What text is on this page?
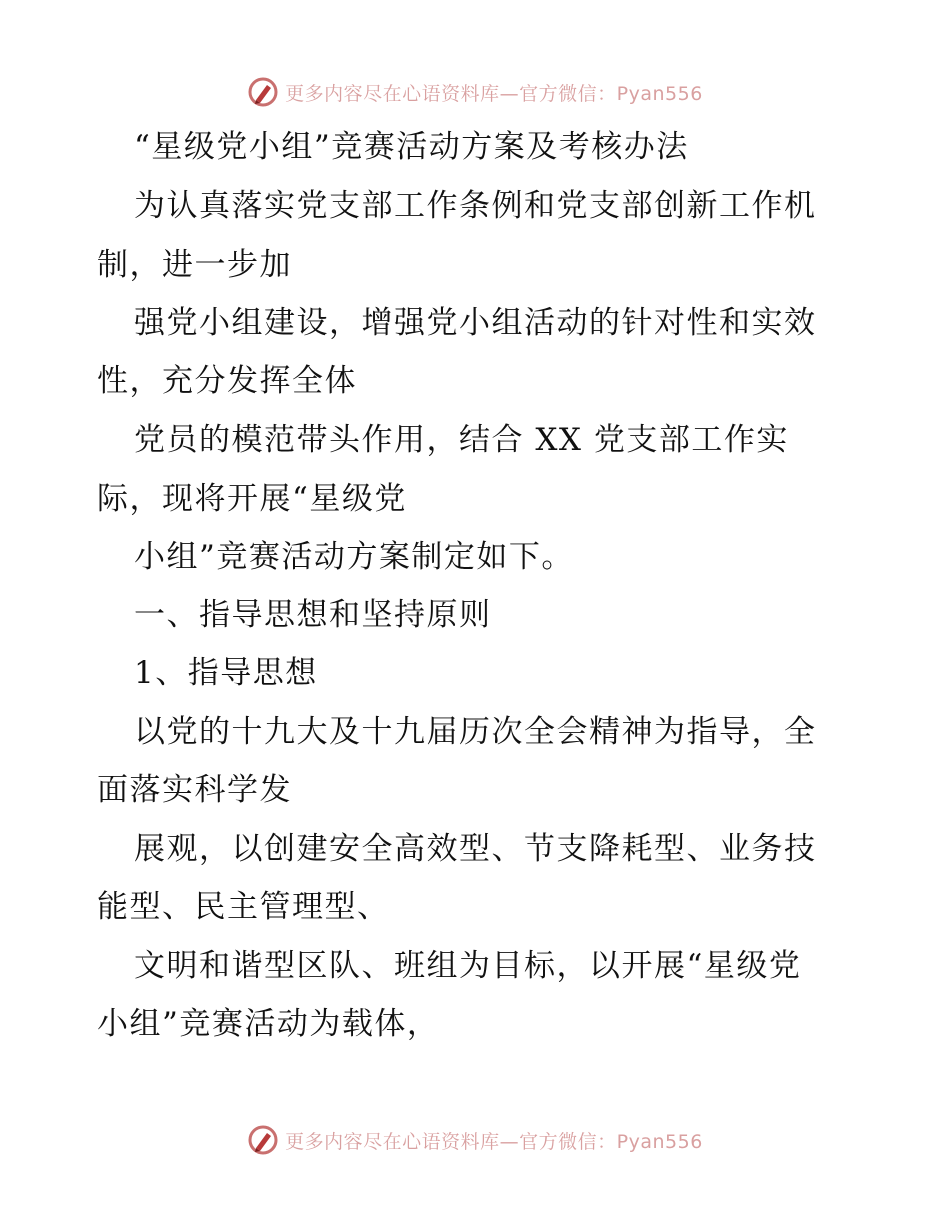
更多内容尽在心语资料库—官方微信：Pyan556
“星级党小组”竞赛活动方案及考核办法
为认真落实党支部工作条例和党支部创新工作机
制，进一步加
强党小组建设，增强党小组活动的针对性和实效
性，充分发挥全体
党员的模范带头作用，结合 XX 党支部工作实
际，现将开展“星级党
小组”竞赛活动方案制定如下。
一、指导思想和坚持原则
1、指导思想
以党的十九大及十九届历次全会精神为指导，全
面落实科学发
展观，以创建安全高效型、节支降耗型、业务技
能型、民主管理型、
文明和谐型区队、班组为目标，以开展“星级党
小组”竞赛活动为载体，
更多内容尽在心语资料库—官方微信：Pyan556
